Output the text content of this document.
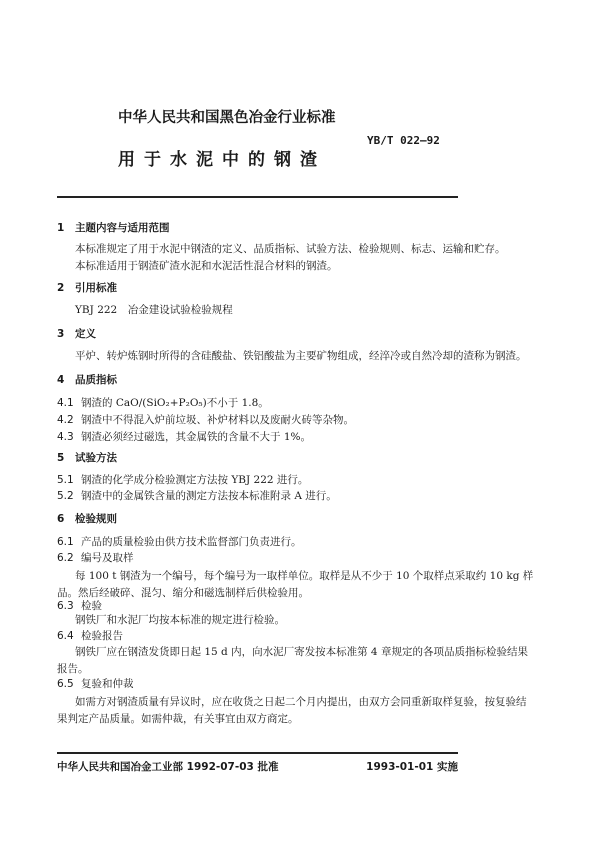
中华人民共和国黑色冶金行业标准
YB/T 022—92
用于水泥中的钢渣
1 主题内容与适用范围
本标准规定了用于水泥中钢渣的定义、品质指标、试验方法、检验规则、标志、运输和贮存。
本标准适用于钢渣矿渣水泥和水泥活性混合材料的钢渣。
2 引用标准
YBJ 222　冶金建设试验检验规程
3 定义
平炉、转炉炼钢时所得的含硅酸盐、铁铝酸盐为主要矿物组成，经淬冷或自然冷却的渣称为钢渣。
4 品质指标
4.1 钢渣的 CaO/(SiO₂+P₂O₅)不小于 1.8。
4.2 钢渣中不得混入炉前垃圾、补炉材料以及废耐火砖等杂物。
4.3 钢渣必须经过磁选，其金属铁的含量不大于 1%。
5 试验方法
5.1 钢渣的化学成分检验测定方法按 YBJ 222 进行。
5.2 钢渣中的金属铁含量的测定方法按本标准附录 A 进行。
6 检验规则
6.1 产品的质量检验由供方技术监督部门负责进行。
6.2 编号及取样
每 100 t 钢渣为一个编号，每个编号为一取样单位。取样是从不少于 10 个取样点采取约 10 kg 样
品。然后经破碎、混匀、缩分和磁选制样后供检验用。
6.3 检验
钢铁厂和水泥厂均按本标准的规定进行检验。
6.4 检验报告
钢铁厂应在钢渣发货即日起 15 d 内，向水泥厂寄发按本标准第 4 章规定的各项品质指标检验结果
报告。
6.5 复验和仲裁
如需方对钢渣质量有异议时，应在收货之日起二个月内提出，由双方会同重新取样复验，按复验结
果判定产品质量。如需仲裁，有关事宜由双方商定。
中华人民共和国冶金工业部 1992-07-03 批准	1993-01-01 实施
